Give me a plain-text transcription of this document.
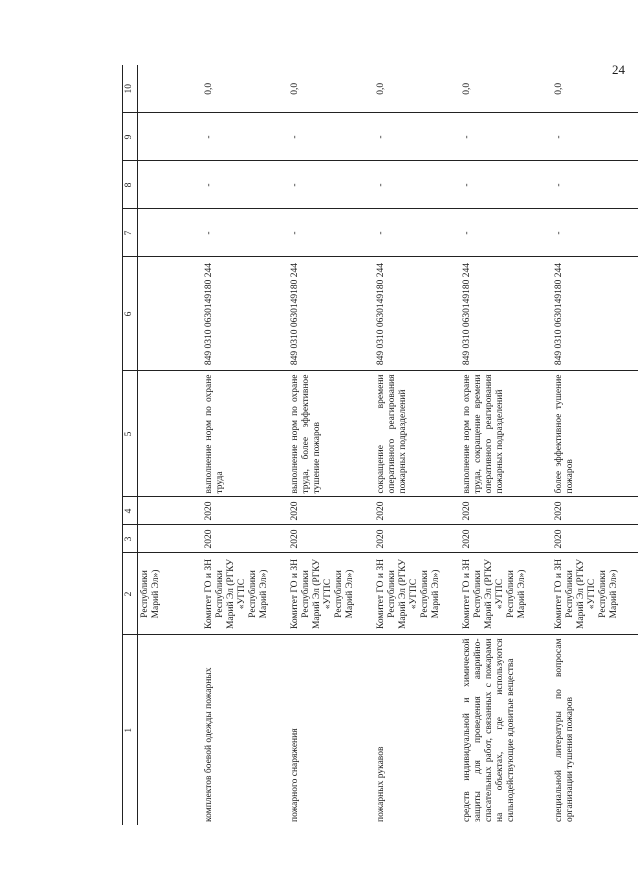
24
1	2	3	4	5	6	7	8	9	10
	Республики Марий Эл»)								
комплектов боевой одежды пожарных	Комитет ГО и ЗН Республики Марий Эл (РГКУ «УГПС Республики Марий Эл»)	2020	2020	выполнение норм по охране труда	849 0310 0630149180 244	-	-	-	0,0
пожарного снаряжения	Комитет ГО и ЗН Республики Марий Эл (РГКУ «УГПС Республики Марий Эл»)	2020	2020	выполнение норм по охране труда, более эффективное тушение пожаров	849 0310 0630149180 244	-	-	-	0,0
пожарных рукавов	Комитет ГО и ЗН Республики Марий Эл (РГКУ «УГПС Республики Марий Эл»)	2020	2020	сокращение времени оперативного реагирования пожарных подразделений	849 0310 0630149180 244	-	-	-	0,0
средств индивидуальной и химической защиты для проведения аварийно-спасательных работ, связанных с пожарами на объектах, где используются сильнодействующие ядовитые вещества	Комитет ГО и ЗН Республики Марий Эл (РГКУ «УГПС Республики Марий Эл»)	2020	2020	выполнение норм по охране труда, сокращение времени оперативного реагирования пожарных подразделений	849 0310 0630149180 244	-	-	-	0,0
специальной литературы по вопросам организации тушения пожаров	Комитет ГО и ЗН Республики Марий Эл (РГКУ «УГПС Республики Марий Эл»)	2020	2020	более эффективное тушение пожаров	849 0310 0630149180 244	-	-	-	0,0
